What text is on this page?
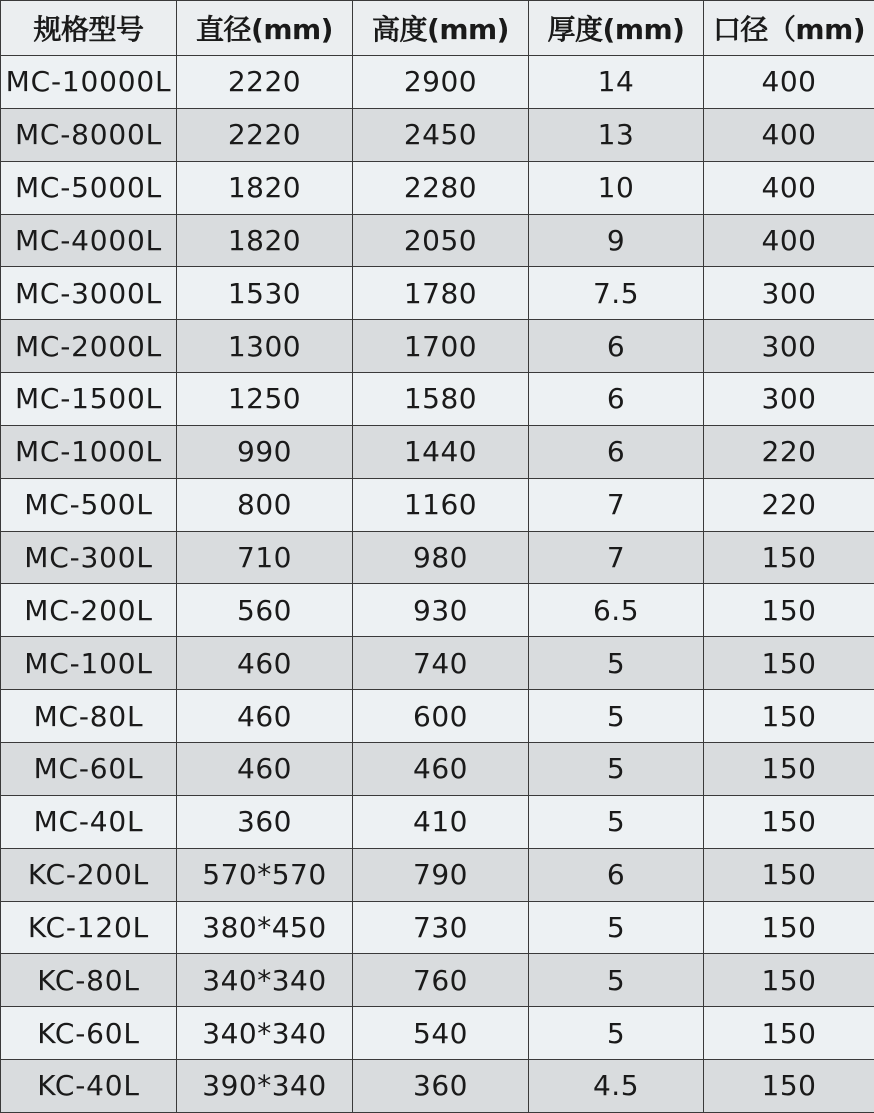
规格型号	直径(mm)	高度(mm)	厚度(mm)	口径（mm)
MC-10000L	2220	2900	14	400
MC-8000L	2220	2450	13	400
MC-5000L	1820	2280	10	400
MC-4000L	1820	2050	9	400
MC-3000L	1530	1780	7.5	300
MC-2000L	1300	1700	6	300
MC-1500L	1250	1580	6	300
MC-1000L	990	1440	6	220
MC-500L	800	1160	7	220
MC-300L	710	980	7	150
MC-200L	560	930	6.5	150
MC-100L	460	740	5	150
MC-80L	460	600	5	150
MC-60L	460	460	5	150
MC-40L	360	410	5	150
KC-200L	570*570	790	6	150
KC-120L	380*450	730	5	150
KC-80L	340*340	760	5	150
KC-60L	340*340	540	5	150
KC-40L	390*340	360	4.5	150
